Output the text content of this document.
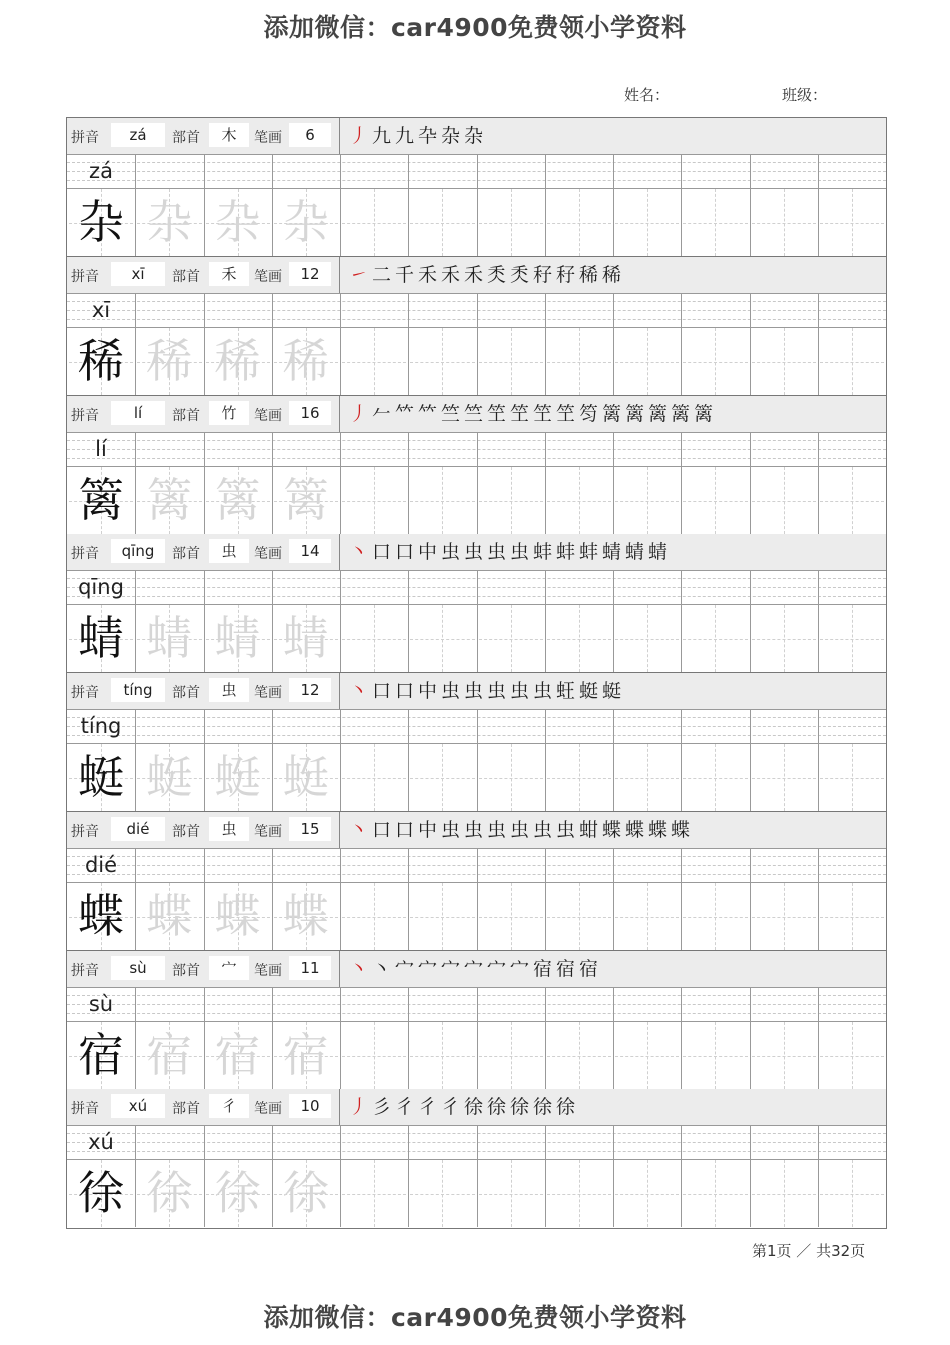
添加微信：car4900免费领小学资料
姓名：	班级：
拼音	zá	部首	木	笔画	6	丿 九 九 卆 杂 杂
zá
杂 杂 杂 杂
拼音	xī	部首	禾	笔画	12	㇀ 二 千 禾 禾 禾 秂 秂 秄 秄 稀 稀
xī
稀 稀 稀 稀
拼音	lí	部首	竹	笔画	16	丿 𠂉 𥫗 𥫗 竺 竺 笁 笁 笁 笁 笉 篱 篱 篱 篱 篱
lí
篱 篱 篱 篱
拼音	qīng	部首	虫	笔画	14	丶 口 口 中 虫 虫 虫 虫 蚌 蚌 蚌 蜻 蜻 蜻
qīng
蜻 蜻 蜻 蜻
拼音	tíng	部首	虫	笔画	12	丶 口 口 中 虫 虫 虫 虫 虫 蚟 蜓 蜓
tíng
蜓 蜓 蜓 蜓
拼音	dié	部首	虫	笔画	15	丶 口 口 中 虫 虫 虫 虫 虫 虫 蚶 蝶 蝶 蝶 蝶
dié
蝶 蝶 蝶 蝶
拼音	sù	部首	宀	笔画	11	丶 丶 宀 宀 宀 宀 宀 宀 宿 宿 宿
sù
宿 宿 宿 宿
拼音	xú	部首	彳	笔画	10	丿 彡 彳 彳 彳 徐 徐 徐 徐 徐
xú
徐 徐 徐 徐
第1页 ／ 共32页
添加微信：car4900免费领小学资料
